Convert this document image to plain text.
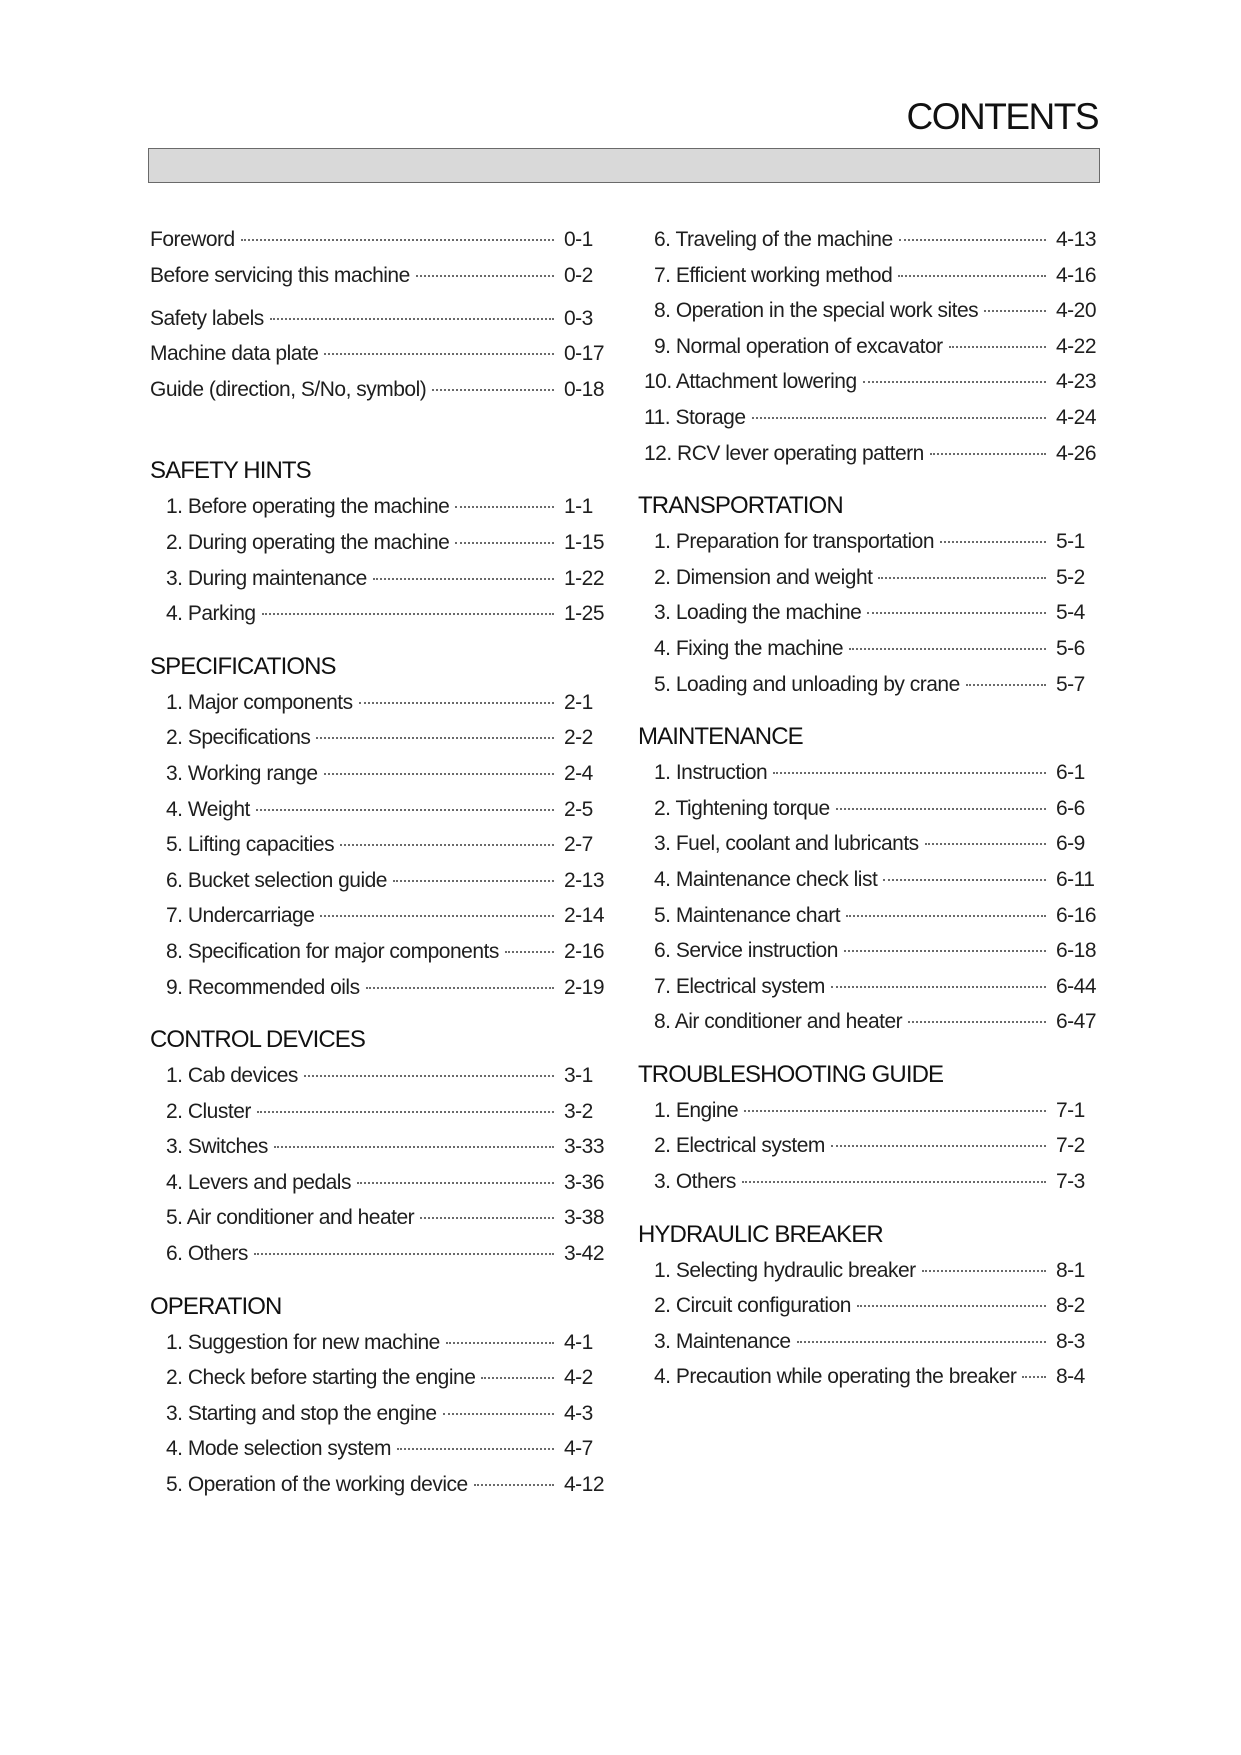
CONTENTS
Foreword	0-1
Before servicing this machine	0-2
Safety labels	0-3
Machine data plate	0-17
Guide (direction, S/No, symbol)	0-18
SAFETY HINTS
1. Before operating the machine	1-1
2. During operating the machine	1-15
3. During maintenance	1-22
4. Parking	1-25
SPECIFICATIONS
1. Major components	2-1
2. Specifications	2-2
3. Working range	2-4
4. Weight	2-5
5. Lifting capacities	2-7
6. Bucket selection guide	2-13
7. Undercarriage	2-14
8. Specification for major components	2-16
9. Recommended oils	2-19
CONTROL DEVICES
1. Cab devices	3-1
2. Cluster	3-2
3. Switches	3-33
4. Levers and pedals	3-36
5. Air conditioner and heater	3-38
6. Others	3-42
OPERATION
1. Suggestion for new machine	4-1
2. Check before starting the engine	4-2
3. Starting and stop the engine	4-3
4. Mode selection system	4-7
5. Operation of the working device	4-12
6. Traveling of the machine	4-13
7. Efficient working method	4-16
8. Operation in the special work sites	4-20
9. Normal operation of excavator	4-22
10. Attachment lowering	4-23
11. Storage	4-24
12. RCV lever operating pattern	4-26
TRANSPORTATION
1. Preparation for transportation	5-1
2. Dimension and weight	5-2
3. Loading the machine	5-4
4. Fixing the machine	5-6
5. Loading and unloading by crane	5-7
MAINTENANCE
1. Instruction	6-1
2. Tightening torque	6-6
3. Fuel, coolant and lubricants	6-9
4. Maintenance check list	6-11
5. Maintenance chart	6-16
6. Service instruction	6-18
7. Electrical system	6-44
8. Air conditioner and heater	6-47
TROUBLESHOOTING GUIDE
1. Engine	7-1
2. Electrical system	7-2
3. Others	7-3
HYDRAULIC BREAKER
1. Selecting hydraulic breaker	8-1
2. Circuit configuration	8-2
3. Maintenance	8-3
4. Precaution while operating the breaker 8-4
